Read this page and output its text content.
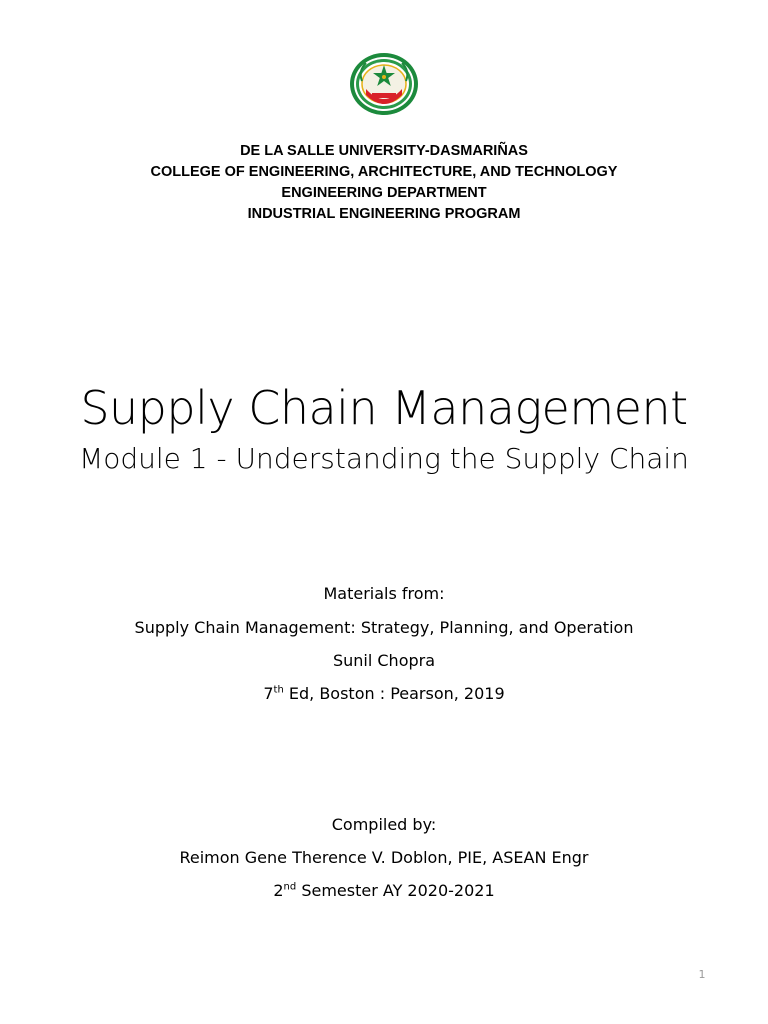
DE LA SALLE UNIVERSITY-DASMARIÑAS
COLLEGE OF ENGINEERING, ARCHITECTURE, AND TECHNOLOGY
ENGINEERING DEPARTMENT
INDUSTRIAL ENGINEERING PROGRAM
Supply Chain Management
Module 1 - Understanding the Supply Chain
Materials from:
Supply Chain Management: Strategy, Planning, and Operation
Sunil Chopra
7th Ed, Boston : Pearson, 2019
Compiled by:
Reimon Gene Therence V. Doblon, PIE, ASEAN Engr
2nd Semester AY 2020-2021
1
